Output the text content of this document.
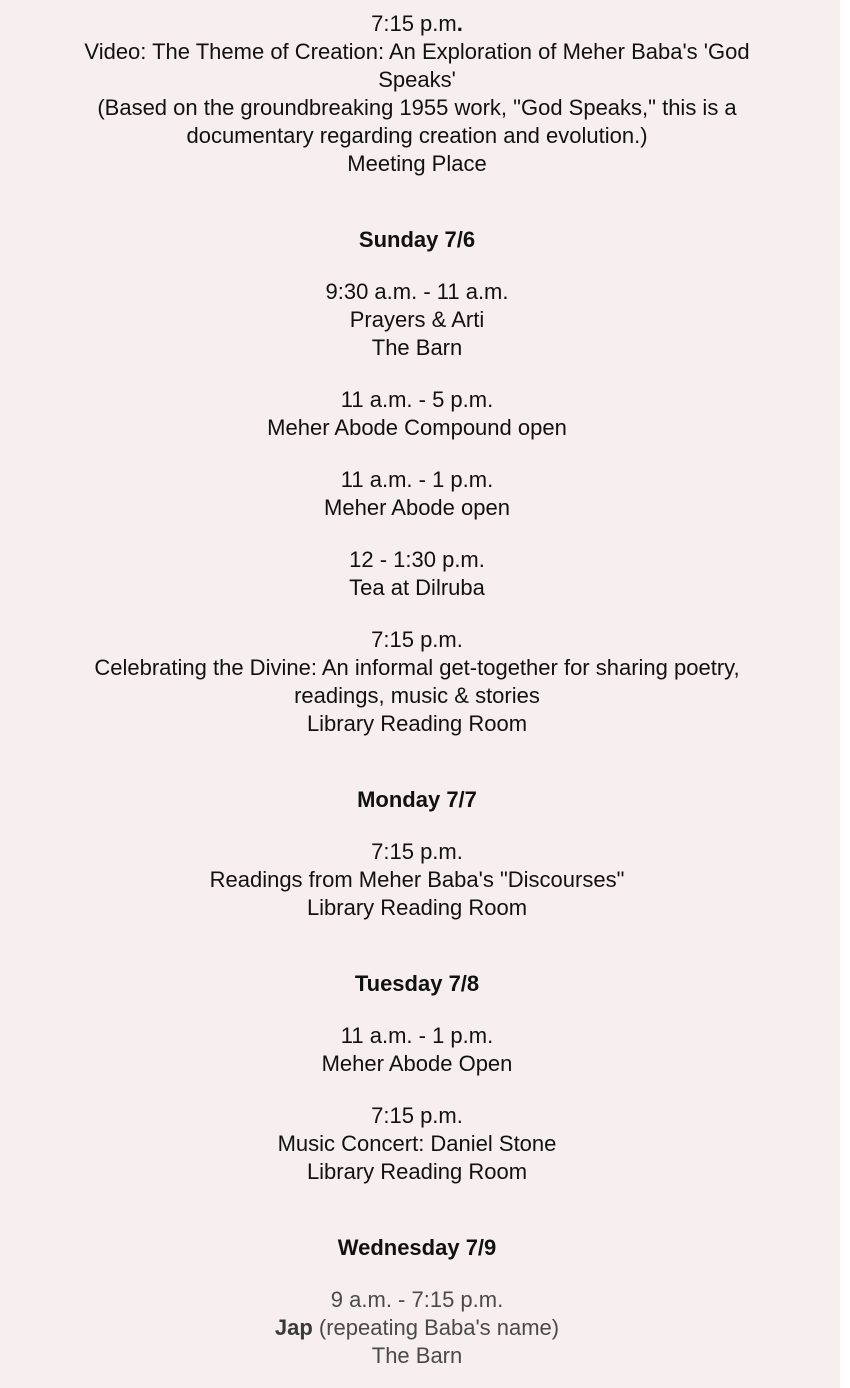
7:15 p.m.
Video: The Theme of Creation: An Exploration of Meher Baba's 'God
Speaks'
(Based on the groundbreaking 1955 work, "God Speaks," this is a
documentary regarding creation and evolution.)
Meeting Place
Sunday 7/6
9:30 a.m. - 11 a.m.
Prayers & Arti
The Barn
11 a.m. - 5 p.m.
Meher Abode Compound open
11 a.m. - 1 p.m.
Meher Abode open
12 - 1:30 p.m.
Tea at Dilruba
7:15 p.m.
Celebrating the Divine: An informal get-together for sharing poetry,
readings, music & stories
Library Reading Room
Monday 7/7
7:15 p.m.
Readings from Meher Baba's "Discourses"
Library Reading Room
Tuesday 7/8
11 a.m. - 1 p.m.
Meher Abode Open
7:15 p.m.
Music Concert: Daniel Stone
Library Reading Room
Wednesday 7/9
9 a.m. - 7:15 p.m.
Jap (repeating Baba's name)
The Barn
